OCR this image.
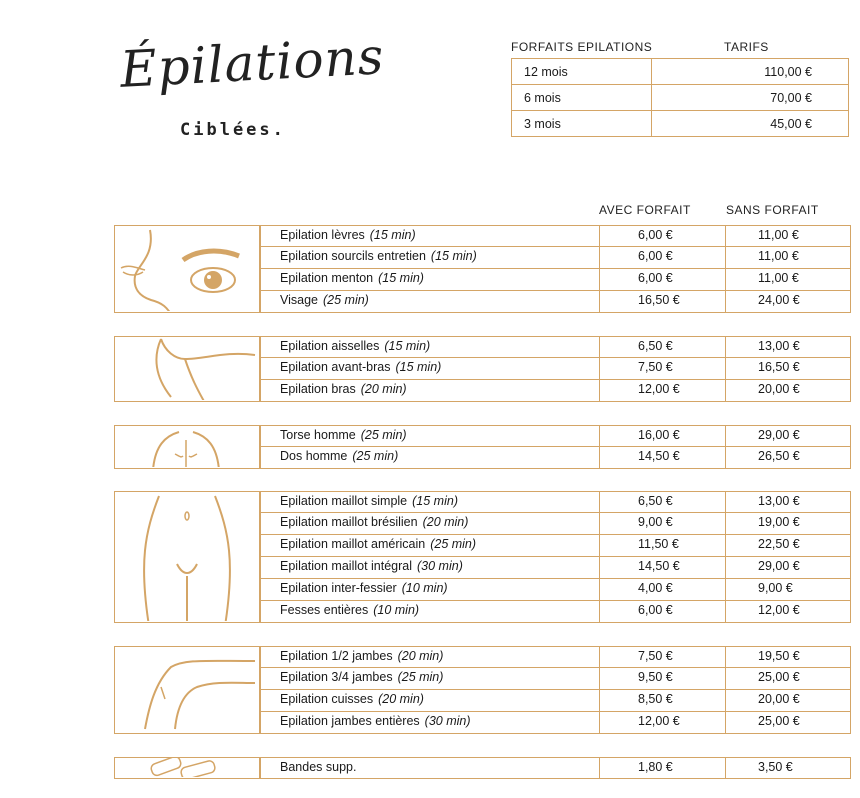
Épilations
Ciblées.
FORFAITS EPILATIONS	TARIFS
12 mois	110,00 €
6 mois	70,00 €
3 mois	45,00 €
AVEC FORFAIT	SANS FORFAIT
Epilation lèvres (15 min)	6,00 €	11,00 €
Epilation sourcils entretien (15 min)	6,00 €	11,00 €
Epilation menton (15 min)	6,00 €	11,00 €
Visage (25 min)	16,50 €	24,00 €
Epilation aisselles (15 min)	6,50 €	13,00 €
Epilation avant-bras (15 min)	7,50 €	16,50 €
Epilation bras (20 min)	12,00 €	20,00 €
Torse homme (25 min)	16,00 €	29,00 €
Dos homme (25 min)	14,50 €	26,50 €
Epilation maillot simple (15 min)	6,50 €	13,00 €
Epilation maillot brésilien (20 min)	9,00 €	19,00 €
Epilation maillot américain (25 min)	11,50 €	22,50 €
Epilation maillot intégral (30 min)	14,50 €	29,00 €
Epilation inter-fessier (10 min)	4,00 €	9,00 €
Fesses entières (10 min)	6,00 €	12,00 €
Epilation 1/2 jambes (20 min)	7,50 €	19,50 €
Epilation 3/4 jambes (25 min)	9,50 €	25,00 €
Epilation cuisses (20 min)	8,50 €	20,00 €
Epilation jambes entières (30 min)	12,00 €	25,00 €
Bandes supp.	1,80 €	3,50 €
